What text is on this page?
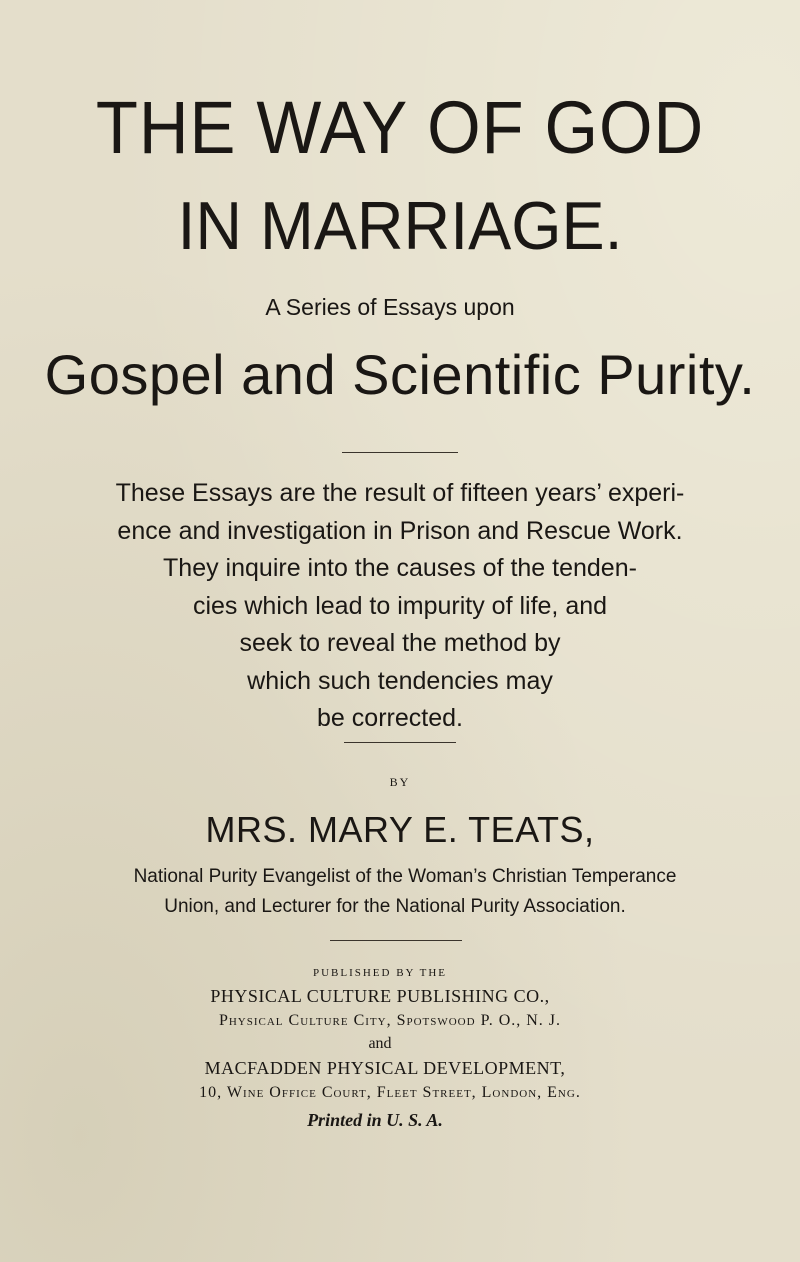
THE WAY OF GOD
IN MARRIAGE.
A Series of Essays upon
Gospel and Scientific Purity.
These Essays are the result of fifteen years’ experi-
ence and investigation in Prison and Rescue Work.
They inquire into the causes of the tenden-
cies which lead to impurity of life, and
seek to reveal the method by
which such tendencies may
be corrected.
BY
MRS. MARY E. TEATS,
National Purity Evangelist of the Woman’s Christian Temperance
Union, and Lecturer for the National Purity Association.
PUBLISHED BY THE
PHYSICAL CULTURE PUBLISHING CO.,
Physical Culture City, Spotswood P. O., N. J.
and
MACFADDEN PHYSICAL DEVELOPMENT,
10, Wine Office Court, Fleet Street, London, Eng.
Printed in U. S. A.
